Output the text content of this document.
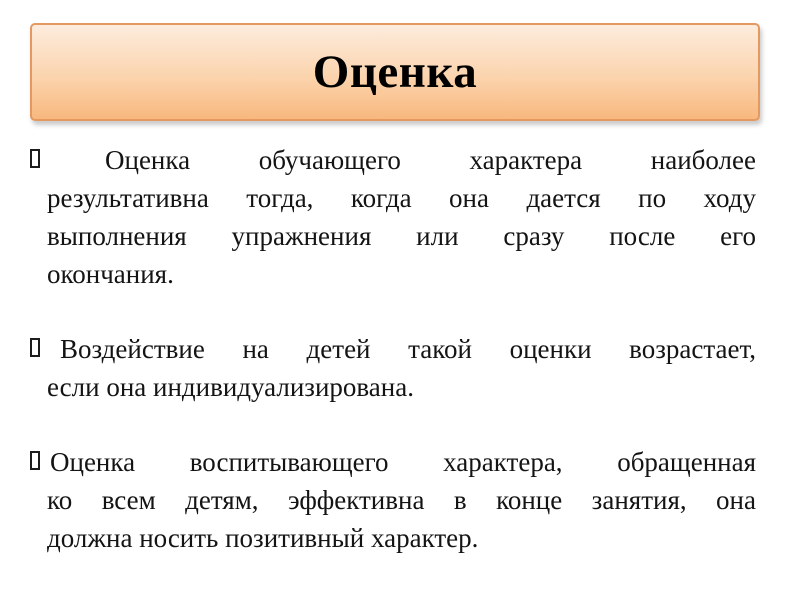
Оценка
Оценка обучающего характера наиболее
результативна тогда, когда она дается по ходу
выполнения упражнения или сразу после его
окончания.
Воздействие на детей такой оценки возрастает,
если она индивидуализирована.
Оценка воспитывающего характера, обращенная
ко всем детям, эффективна в конце занятия, она
должна носить позитивный характер.
